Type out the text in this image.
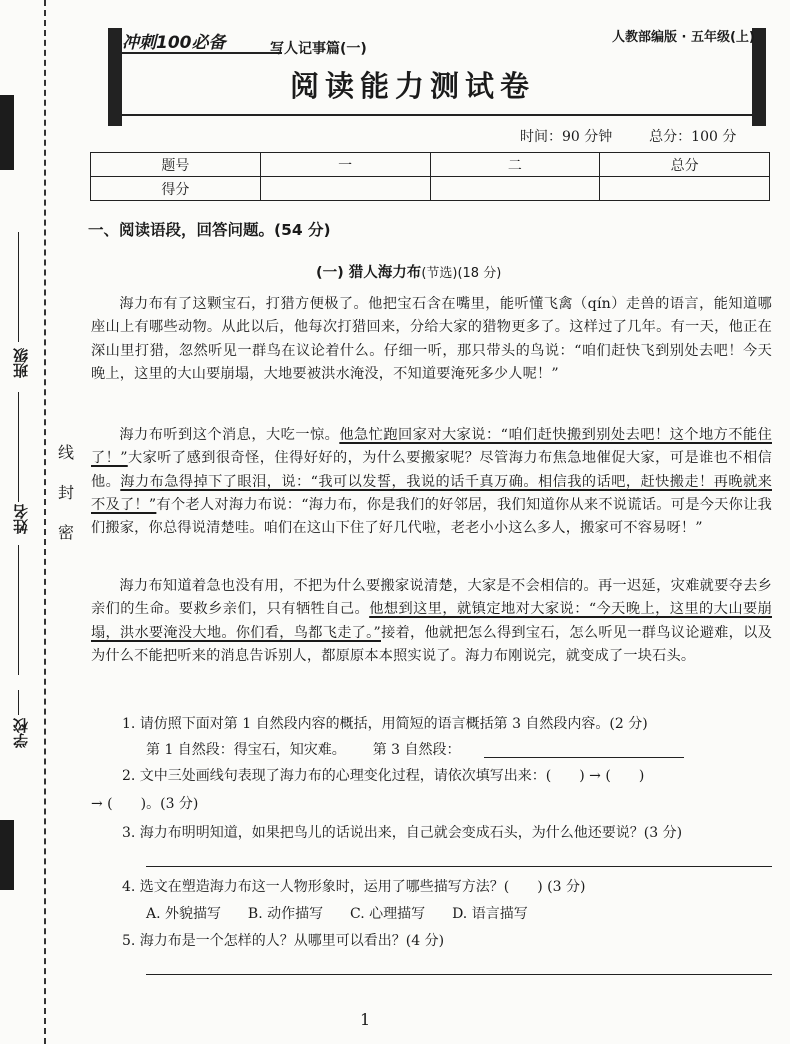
班级
姓名
学校
线
封
密
冲刺100必备	写人记事篇(一)
人教部编版 · 五年级(上)
阅读能力测试卷
时间：90 分钟	总分：100 分
题号	一	二	总分
得分			
一、阅读语段，回答问题。(54 分)
(一) 猎人海力布(节选)(18 分)

海力布有了这颗宝石，打猎方便极了。他把宝石含在嘴里，能听懂飞禽（qín）走兽的语言，能知道哪座山上有哪些动物。从此以后，他每次打猎回来，分给大家的猎物更多了。这样过了几年。有一天，他正在深山里打猎，忽然听见一群鸟在议论着什么。仔细一听，那只带头的鸟说：“咱们赶快飞到别处去吧！今天晚上，这里的大山要崩塌，大地要被洪水淹没，不知道要淹死多少人呢！”

海力布听到这个消息，大吃一惊。他急忙跑回家对大家说：“咱们赶快搬到别处去吧！这个地方不能住了！”大家听了感到很奇怪，住得好好的，为什么要搬家呢？尽管海力布焦急地催促大家，可是谁也不相信他。海力布急得掉下了眼泪，说：“我可以发誓，我说的话千真万确。相信我的话吧，赶快搬走！再晚就来不及了！”有个老人对海力布说：“海力布，你是我们的好邻居，我们知道你从来不说谎话。可是今天你让我们搬家，你总得说清楚哇。咱们在这山下住了好几代啦，老老小小这么多人，搬家可不容易呀！”

海力布知道着急也没有用，不把为什么要搬家说清楚，大家是不会相信的。再一迟延，灾难就要夺去乡亲们的生命。要救乡亲们，只有牺牲自己。他想到这里，就镇定地对大家说：“今天晚上，这里的大山要崩塌，洪水要淹没大地。你们看，鸟都飞走了。”接着，他就把怎么得到宝石，怎么听见一群鸟议论避难，以及为什么不能把听来的消息告诉别人，都原原本本照实说了。海力布刚说完，就变成了一块石头。

1. 请仿照下面对第 1 自然段内容的概括，用简短的语言概括第 3 自然段内容。(2 分)
第 1 自然段：得宝石，知灾难。 第 3 自然段：
2. 文中三处画线句表现了海力布的心理变化过程，请依次填写出来：(　　) → (　　)
→ (　　)。(3 分)
3. 海力布明明知道，如果把鸟儿的话说出来，自己就会变成石头，为什么他还要说？(3 分)
4. 选文在塑造海力布这一人物形象时，运用了哪些描写方法？(　　) (3 分)
A. 外貌描写 B. 动作描写 C. 心理描写 D. 语言描写
5. 海力布是一个怎样的人？从哪里可以看出？(4 分)
1
